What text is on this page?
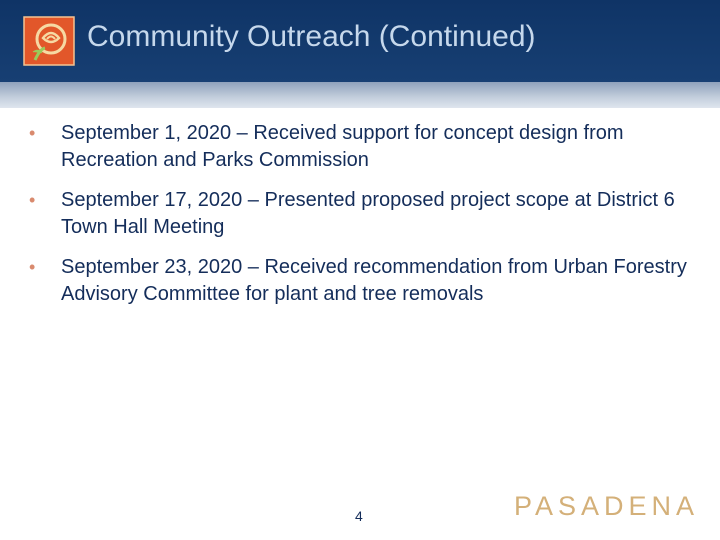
Community Outreach (Continued)
• September 1, 2020 – Received support for concept design from Recreation and Parks Commission
• September 17, 2020 – Presented proposed project scope at District 6 Town Hall Meeting
• September 23, 2020 – Received recommendation from Urban Forestry Advisory Committee for plant and tree removals
4	PASADENA
